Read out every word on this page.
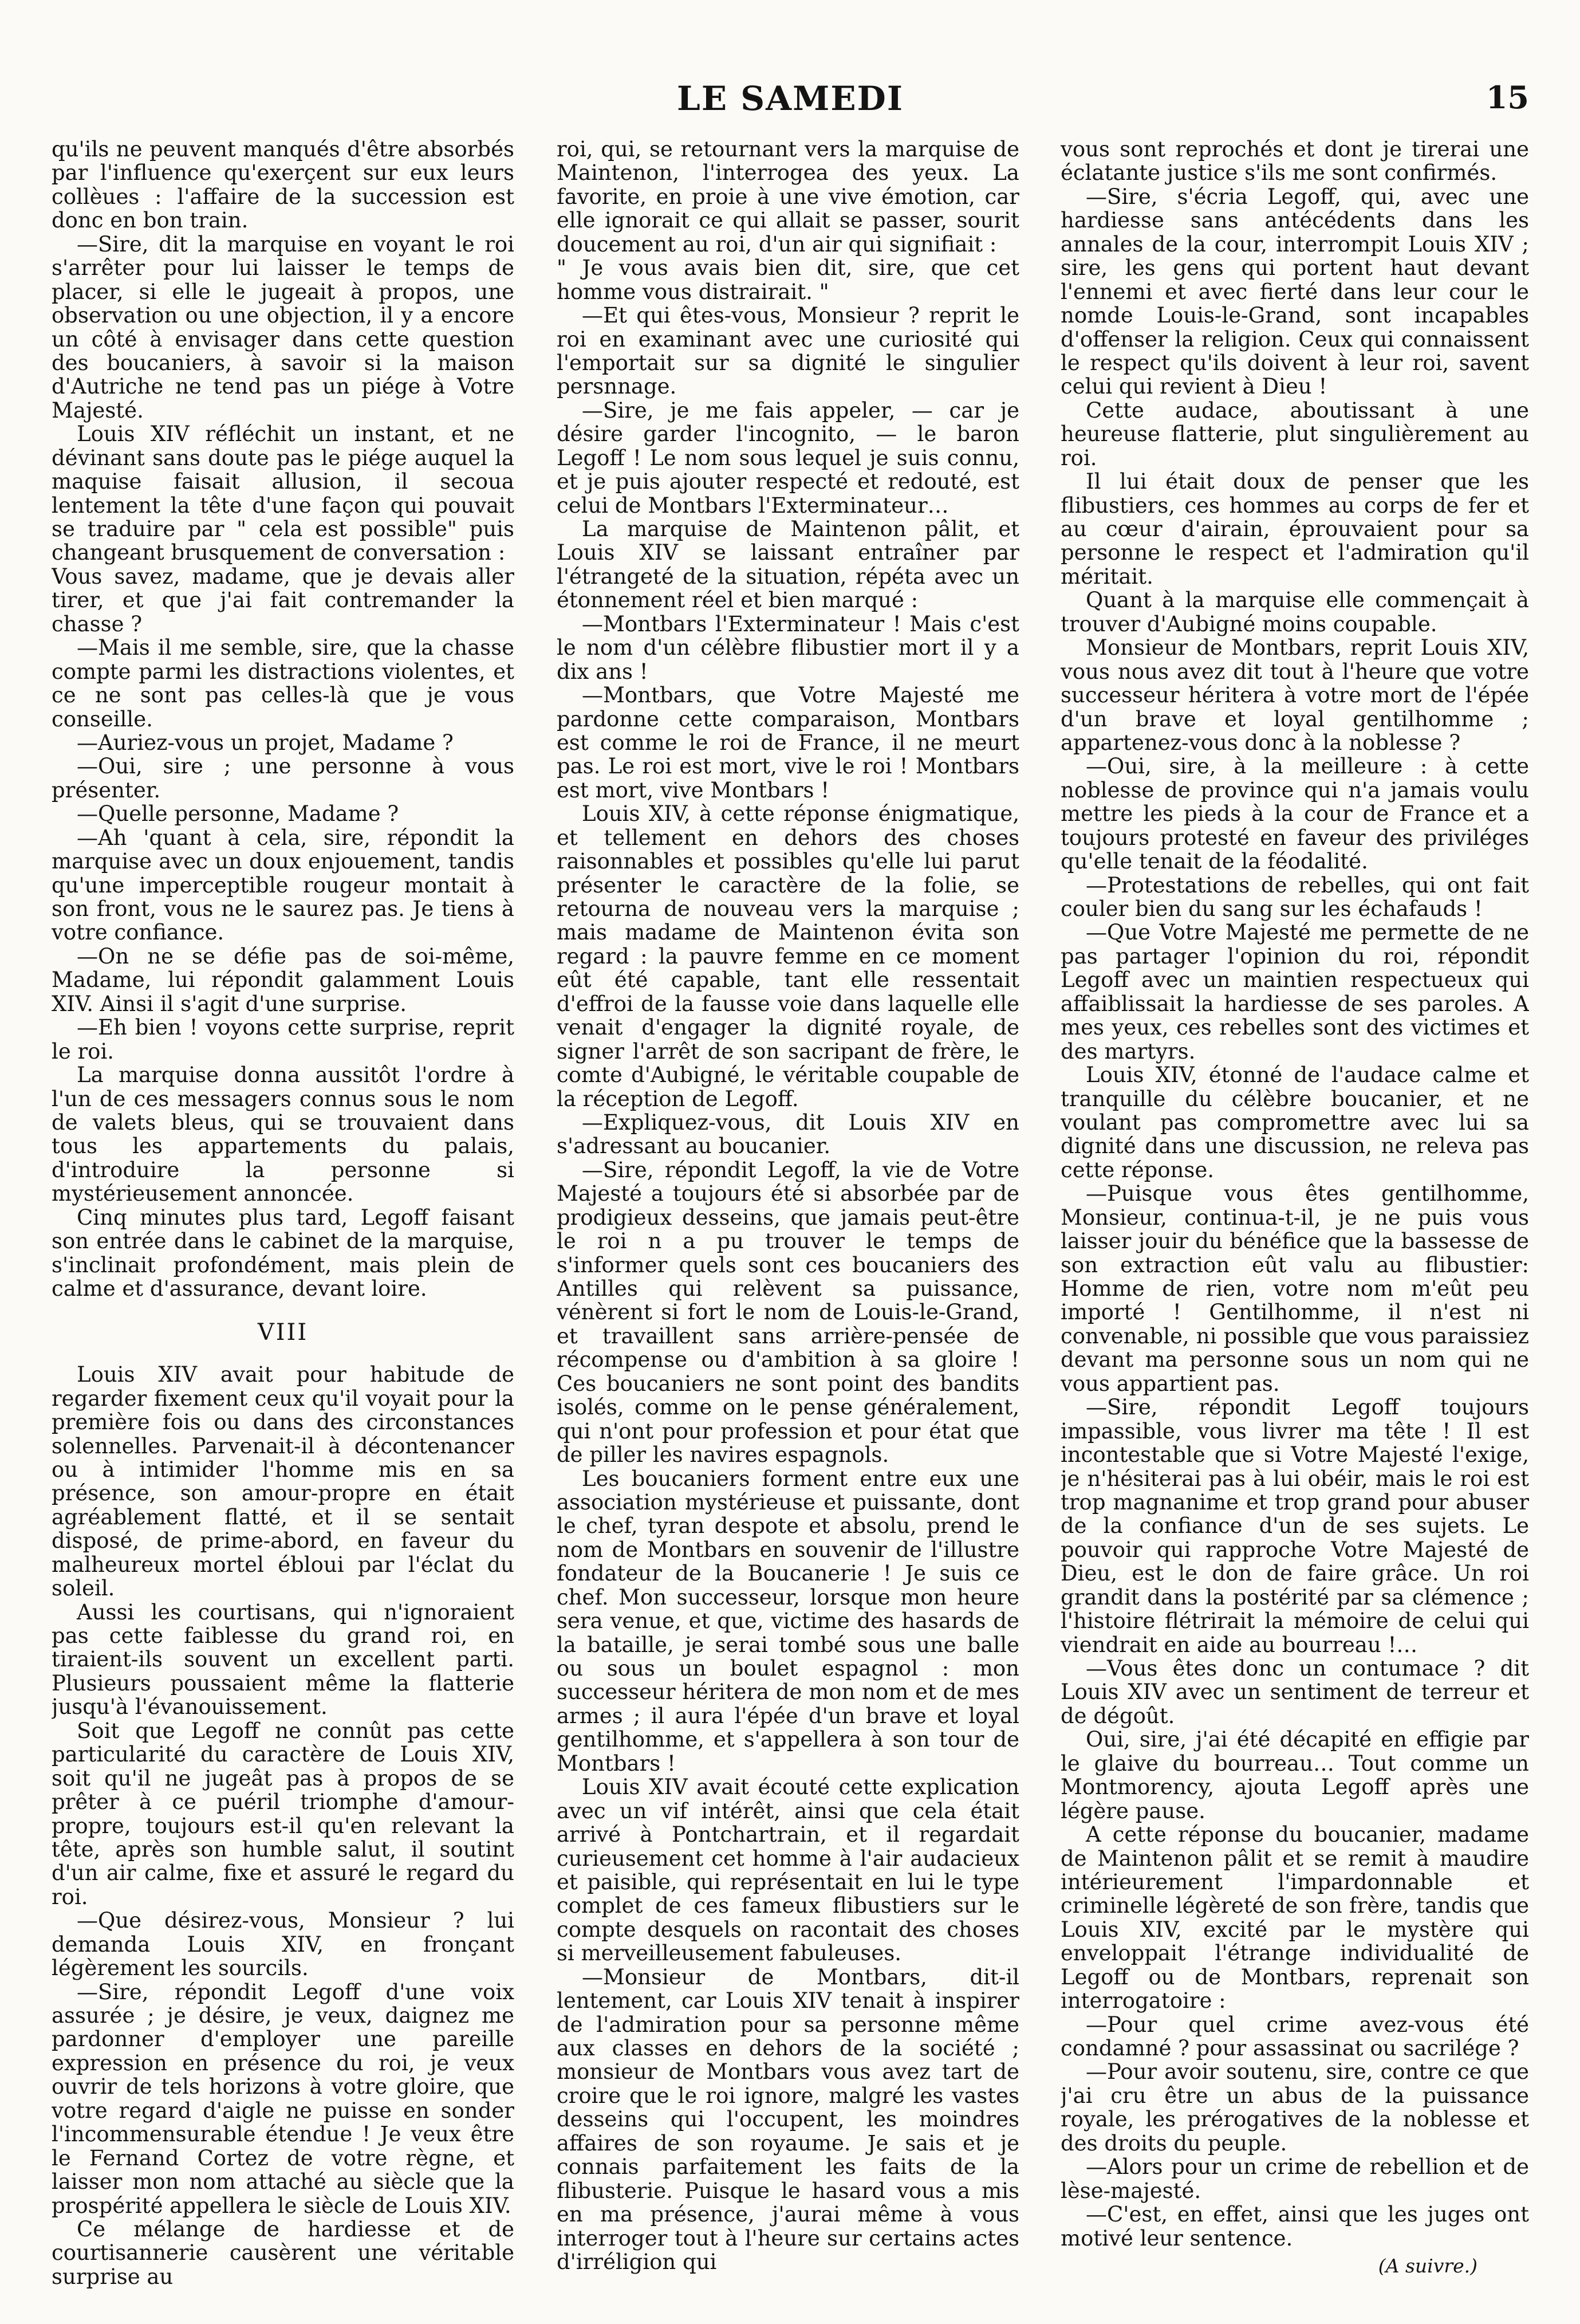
LE SAMEDI	15

qu'ils ne peuvent manqués d'être absorbés par l'influence qu'exerçent sur eux leurs collèues : l'affaire de la succession est donc en bon train.

—Sire, dit la marquise en voyant le roi s'arrêter pour lui laisser le temps de placer, si elle le jugeait à propos, une observation ou une objection, il y a encore un côté à envisager dans cette question des boucaniers, à savoir si la maison d'Autriche ne tend pas un piége à Votre Majesté.

Louis XIV réfléchit un instant, et ne dévinant sans doute pas le piége auquel la maquise faisait allusion, il secoua lentement la tête d'une façon qui pouvait se traduire par " cela est possible" puis changeant brusquement de conversation :

Vous savez, madame, que je devais aller tirer, et que j'ai fait contremander la chasse ?

—Mais il me semble, sire, que la chasse compte parmi les distractions violentes, et ce ne sont pas celles-là que je vous conseille.

—Auriez-vous un projet, Madame ?

—Oui, sire ; une personne à vous présenter.

—Quelle personne, Madame ?

—Ah 'quant à cela, sire, répondit la marquise avec un doux enjouement, tandis qu'une imperceptible rougeur montait à son front, vous ne le saurez pas. Je tiens à votre confiance.

—On ne se défie pas de soi-même, Madame, lui répondit galamment Louis XIV. Ainsi il s'agit d'une surprise.

—Eh bien ! voyons cette surprise, reprit le roi.

La marquise donna aussitôt l'ordre à l'un de ces messagers connus sous le nom de valets bleus, qui se trouvaient dans tous les appartements du palais, d'introduire la personne si mystérieusement annoncée.

Cinq minutes plus tard, Legoff faisant son entrée dans le cabinet de la marquise, s'inclinait profondément, mais plein de calme et d'assurance, devant loire.

VIII

Louis XIV avait pour habitude de regarder fixement ceux qu'il voyait pour la première fois ou dans des circonstances solennelles. Parvenait-il à décontenancer ou à intimider l'homme mis en sa présence, son amour-propre en était agréablement flatté, et il se sentait disposé, de prime-abord, en faveur du malheureux mortel ébloui par l'éclat du soleil.

Aussi les courtisans, qui n'ignoraient pas cette faiblesse du grand roi, en tiraient-ils souvent un excellent parti. Plusieurs poussaient même la flatterie jusqu'à l'évanouissement.

Soit que Legoff ne connût pas cette particularité du caractère de Louis XIV, soit qu'il ne jugeât pas à propos de se prêter à ce puéril triomphe d'amour-propre, toujours est-il qu'en relevant la tête, après son humble salut, il soutint d'un air calme, fixe et assuré le regard du roi.

—Que désirez-vous, Monsieur ? lui demanda Louis XIV, en fronçant légèrement les sourcils.

—Sire, répondit Legoff d'une voix assurée ; je désire, je veux, daignez me pardonner d'employer une pareille expression en présence du roi, je veux ouvrir de tels horizons à votre gloire, que votre regard d'aigle ne puisse en sonder l'incommensurable étendue ! Je veux être le Fernand Cortez de votre règne, et laisser mon nom attaché au siècle que la prospérité appellera le siècle de Louis XIV.

Ce mélange de hardiesse et de courtisannerie causèrent une véritable surprise au

roi, qui, se retournant vers la marquise de Maintenon, l'interrogea des yeux. La favorite, en proie à une vive émotion, car elle ignorait ce qui allait se passer, sourit doucement au roi, d'un air qui signifiait :

" Je vous avais bien dit, sire, que cet homme vous distrairait. "

—Et qui êtes-vous, Monsieur ? reprit le roi en examinant avec une curiosité qui l'emportait sur sa dignité le singulier persnnage.

—Sire, je me fais appeler, — car je désire garder l'incognito, — le baron Legoff ! Le nom sous lequel je suis connu, et je puis ajouter respecté et redouté, est celui de Montbars l'Exterminateur…

La marquise de Maintenon pâlit, et Louis XIV se laissant entraîner par l'étrangeté de la situation, répéta avec un étonnement réel et bien marqué :

—Montbars l'Exterminateur ! Mais c'est le nom d'un célèbre flibustier mort il y a dix ans !

—Montbars, que Votre Majesté me pardonne cette comparaison, Montbars est comme le roi de France, il ne meurt pas. Le roi est mort, vive le roi ! Montbars est mort, vive Montbars !

Louis XIV, à cette réponse énigmatique, et tellement en dehors des choses raisonnables et possibles qu'elle lui parut présenter le caractère de la folie, se retourna de nouveau vers la marquise ; mais madame de Maintenon évita son regard : la pauvre femme en ce moment eût été capable, tant elle ressentait d'effroi de la fausse voie dans laquelle elle venait d'engager la dignité royale, de signer l'arrêt de son sacripant de frère, le comte d'Aubigné, le véritable coupable de la réception de Legoff.

—Expliquez-vous, dit Louis XIV en s'adressant au boucanier.

—Sire, répondit Legoff, la vie de Votre Majesté a toujours été si absorbée par de prodigieux desseins, que jamais peut-être le roi n a pu trouver le temps de s'informer quels sont ces boucaniers des Antilles qui relèvent sa puissance, vénèrent si fort le nom de Louis-le-Grand, et travaillent sans arrière-pensée de récompense ou d'ambition à sa gloire ! Ces boucaniers ne sont point des bandits isolés, comme on le pense généralement, qui n'ont pour profession et pour état que de piller les navires espagnols.

Les boucaniers forment entre eux une association mystérieuse et puissante, dont le chef, tyran despote et absolu, prend le nom de Montbars en souvenir de l'illustre fondateur de la Boucanerie ! Je suis ce chef. Mon successeur, lorsque mon heure sera venue, et que, victime des hasards de la bataille, je serai tombé sous une balle ou sous un boulet espagnol : mon successeur héritera de mon nom et de mes armes ; il aura l'épée d'un brave et loyal gentilhomme, et s'appellera à son tour de Montbars !

Louis XIV avait écouté cette explication avec un vif intérêt, ainsi que cela était arrivé à Pontchartrain, et il regardait curieusement cet homme à l'air audacieux et paisible, qui représentait en lui le type complet de ces fameux flibustiers sur le compte desquels on racontait des choses si merveilleusement fabuleuses.

—Monsieur de Montbars, dit-il lentement, car Louis XIV tenait à inspirer de l'admiration pour sa personne même aux classes en dehors de la société ; monsieur de Montbars vous avez tart de croire que le roi ignore, malgré les vastes desseins qui l'occupent, les moindres affaires de son royaume. Je sais et je connais parfaitement les faits de la flibusterie. Puisque le hasard vous a mis en ma présence, j'aurai même à vous interroger tout à l'heure sur certains actes d'irréligion qui

vous sont reprochés et dont je tirerai une éclatante justice s'ils me sont confirmés.

—Sire, s'écria Legoff, qui, avec une hardiesse sans antécédents dans les annales de la cour, interrompit Louis XIV ; sire, les gens qui portent haut devant l'ennemi et avec fierté dans leur cour le nomde Louis-le-Grand, sont incapables d'offenser la religion. Ceux qui connaissent le respect qu'ils doivent à leur roi, savent celui qui revient à Dieu !

Cette audace, aboutissant à une heureuse flatterie, plut singulièrement au roi.

Il lui était doux de penser que les flibustiers, ces hommes au corps de fer et au cœur d'airain, éprouvaient pour sa personne le respect et l'admiration qu'il méritait.

Quant à la marquise elle commençait à trouver d'Aubigné moins coupable.

Monsieur de Montbars, reprit Louis XIV, vous nous avez dit tout à l'heure que votre successeur héritera à votre mort de l'épée d'un brave et loyal gentilhomme ; appartenez-vous donc à la noblesse ?

—Oui, sire, à la meilleure : à cette noblesse de province qui n'a jamais voulu mettre les pieds à la cour de France et a toujours protesté en faveur des priviléges qu'elle tenait de la féodalité.

—Protestations de rebelles, qui ont fait couler bien du sang sur les échafauds !

—Que Votre Majesté me permette de ne pas partager l'opinion du roi, répondit Legoff avec un maintien respectueux qui affaiblissait la hardiesse de ses paroles. A mes yeux, ces rebelles sont des victimes et des martyrs.

Louis XIV, étonné de l'audace calme et tranquille du célèbre boucanier, et ne voulant pas compromettre avec lui sa dignité dans une discussion, ne releva pas cette réponse.

—Puisque vous êtes gentilhomme, Monsieur, continua-t-il, je ne puis vous laisser jouir du bénéfice que la bassesse de son extraction eût valu au flibustier: Homme de rien, votre nom m'eût peu importé ! Gentilhomme, il n'est ni convenable, ni possible que vous paraissiez devant ma personne sous un nom qui ne vous appartient pas.

—Sire, répondit Legoff toujours impassible, vous livrer ma tête ! Il est incontestable que si Votre Majesté l'exige, je n'hésiterai pas à lui obéir, mais le roi est trop magnanime et trop grand pour abuser de la confiance d'un de ses sujets. Le pouvoir qui rapproche Votre Majesté de Dieu, est le don de faire grâce. Un roi grandit dans la postérité par sa clémence ; l'histoire flétrirait la mémoire de celui qui viendrait en aide au bourreau !…

—Vous êtes donc un contumace ? dit Louis XIV avec un sentiment de terreur et de dégoût.

Oui, sire, j'ai été décapité en effigie par le glaive du bourreau… Tout comme un Montmorency, ajouta Legoff après une légère pause.

A cette réponse du boucanier, madame de Maintenon pâlit et se remit à maudire intérieurement l'impardonnable et criminelle légèreté de son frère, tandis que Louis XIV, excité par le mystère qui enveloppait l'étrange individualité de Legoff ou de Montbars, reprenait son interrogatoire :

—Pour quel crime avez-vous été condamné ? pour assassinat ou sacrilége ?

—Pour avoir soutenu, sire, contre ce que j'ai cru être un abus de la puissance royale, les prérogatives de la noblesse et des droits du peuple.

—Alors pour un crime de rebellion et de lèse-majesté.

—C'est, en effet, ainsi que les juges ont motivé leur sentence.

(A suivre.)
